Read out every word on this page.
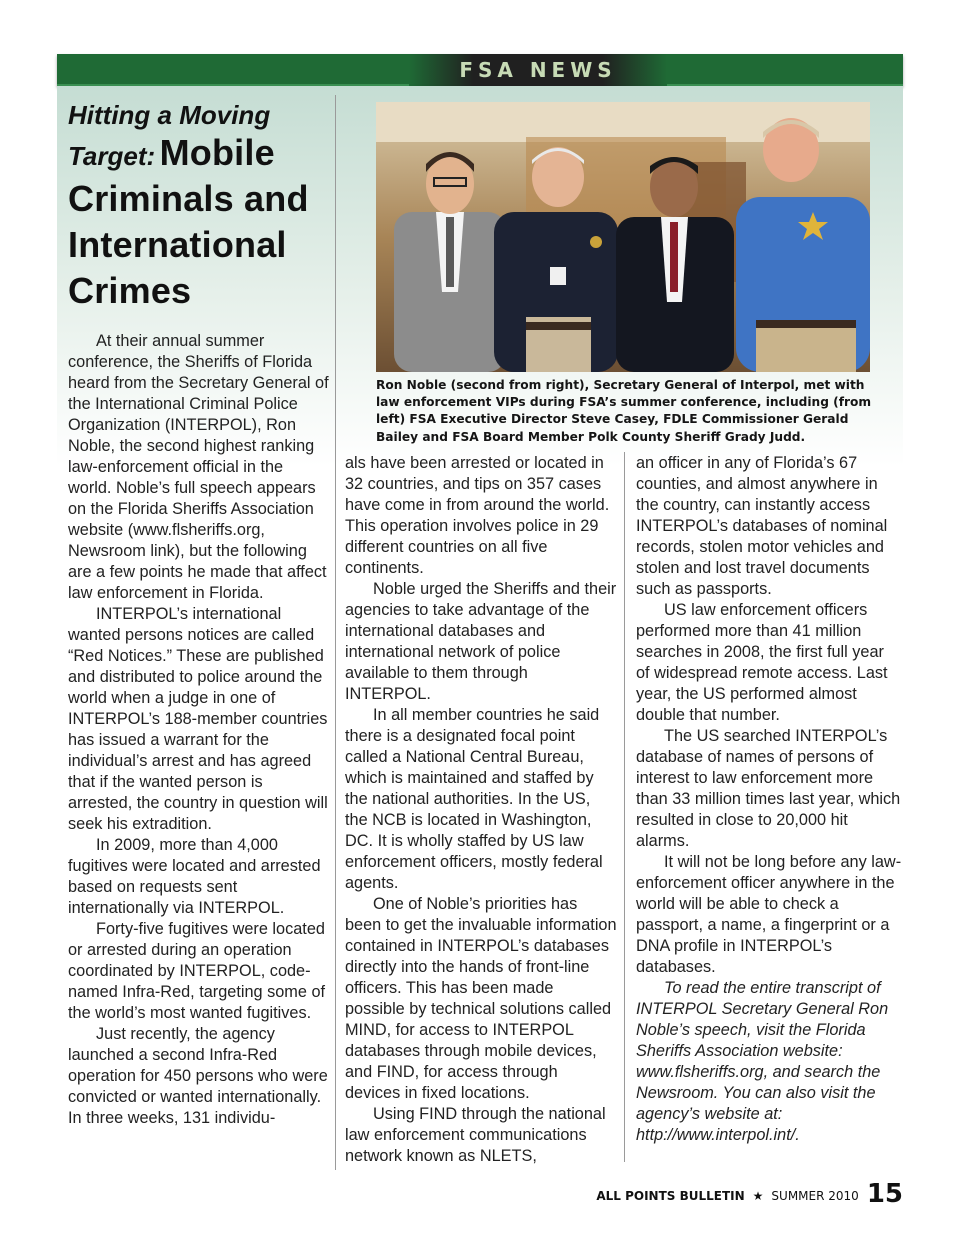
FSA NEWS
Hitting a Moving Target: Mobile Criminals and International Crimes

At their annual summer conference, the Sheriffs of Florida heard from the Secretary General of the International Criminal Police Organization (INTERPOL), Ron Noble, the second highest ranking law-enforcement official in the world. Noble’s full speech appears on the Florida Sheriffs Association website (www.flsheriffs.org, Newsroom link), but the following are a few points he made that affect law enforcement in Florida.

INTERPOL’s international wanted persons notices are called “Red Notices.” These are published and distributed to police around the world when a judge in one of INTERPOL’s 188-member countries has issued a warrant for the individual’s arrest and has agreed that if the wanted person is arrested, the country in question will seek his extradition.

In 2009, more than 4,000 fugitives were located and arrested based on requests sent internationally via INTERPOL.

Forty-five fugitives were located or arrested during an operation coordinated by INTERPOL, code-named Infra-Red, targeting some of the world’s most wanted fugitives.

Just recently, the agency launched a second Infra-Red operation for 450 persons who were convicted or wanted internationally. In three weeks, 131 individu-

Ron Noble (second from right), Secretary General of Interpol, met with law enforcement VIPs during FSA’s summer conference, including (from left) FSA Executive Director Steve Casey, FDLE Commissioner Gerald Bailey and FSA Board Member Polk County Sheriff Grady Judd.

als have been arrested or located in 32 countries, and tips on 357 cases have come in from around the world. This operation involves police in 29 different countries on all five continents.

Noble urged the Sheriffs and their agencies to take advantage of the international databases and international network of police available to them through INTERPOL.

In all member countries he said there is a designated focal point called a National Central Bureau, which is maintained and staffed by the national authorities. In the US, the NCB is located in Washington, DC. It is wholly staffed by US law enforcement officers, mostly federal agents.

One of Noble’s priorities has been to get the invaluable information contained in INTERPOL’s databases directly into the hands of front-line officers. This has been made possible by technical solutions called MIND, for access to INTERPOL databases through mobile devices, and FIND, for access through devices in fixed locations.

Using FIND through the national law enforcement communications network known as NLETS,

an officer in any of Florida’s 67 counties, and almost anywhere in the country, can instantly access INTERPOL’s databases of nominal records, stolen motor vehicles and stolen and lost travel documents such as passports.

US law enforcement officers performed more than 41 million searches in 2008, the first full year of widespread remote access. Last year, the US performed almost double that number.

The US searched INTERPOL’s database of names of persons of interest to law enforcement more than 33 million times last year, which resulted in close to 20,000 hit alarms.

It will not be long before any law-enforcement officer anywhere in the world will be able to check a passport, a name, a fingerprint or a DNA profile in INTERPOL’s databases.

To read the entire transcript of INTERPOL Secretary General Ron Noble’s speech, visit the Florida Sheriffs Association website: www.flsheriffs.org, and search the Newsroom. You can also visit the agency’s website at: http://www.interpol.int/.

ALL POINTS BULLETIN ★ SUMMER 2010 15
